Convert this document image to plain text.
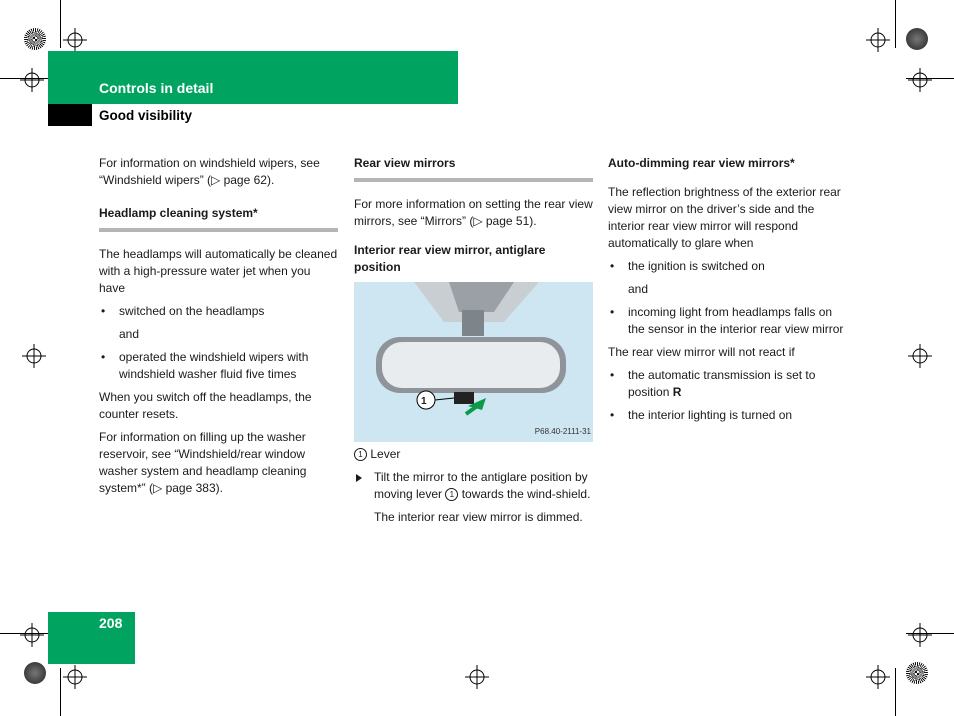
Controls in detail
Good visibility

For information on windshield wipers, see “Windshield wipers” (▷ page 62).

Headlamp cleaning system*

The headlamps will automatically be cleaned with a high-pressure water jet when you have

• switched on the headlamps
and
• operated the windshield wipers with windshield washer fluid five times

When you switch off the headlamps, the counter resets.

For information on filling up the washer reservoir, see “Windshield/rear window washer system and headlamp cleaning system*” (▷ page 383).

Rear view mirrors

For more information on setting the rear view mirrors, see “Mirrors” (▷ page 51).

Interior rear view mirror, antiglare position

1
P68.40-2111-31

1 Lever

Tilt the mirror to the antiglare position by moving lever 1 towards the wind-shield.

The interior rear view mirror is dimmed.

Auto-dimming rear view mirrors*

The reflection brightness of the exterior rear view mirror on the driver’s side and the interior rear view mirror will respond automatically to glare when

• the ignition is switched on
and
• incoming light from headlamps falls on the sensor in the interior rear view mirror

The rear view mirror will not react if

• the automatic transmission is set to position R
• the interior lighting is turned on
208
